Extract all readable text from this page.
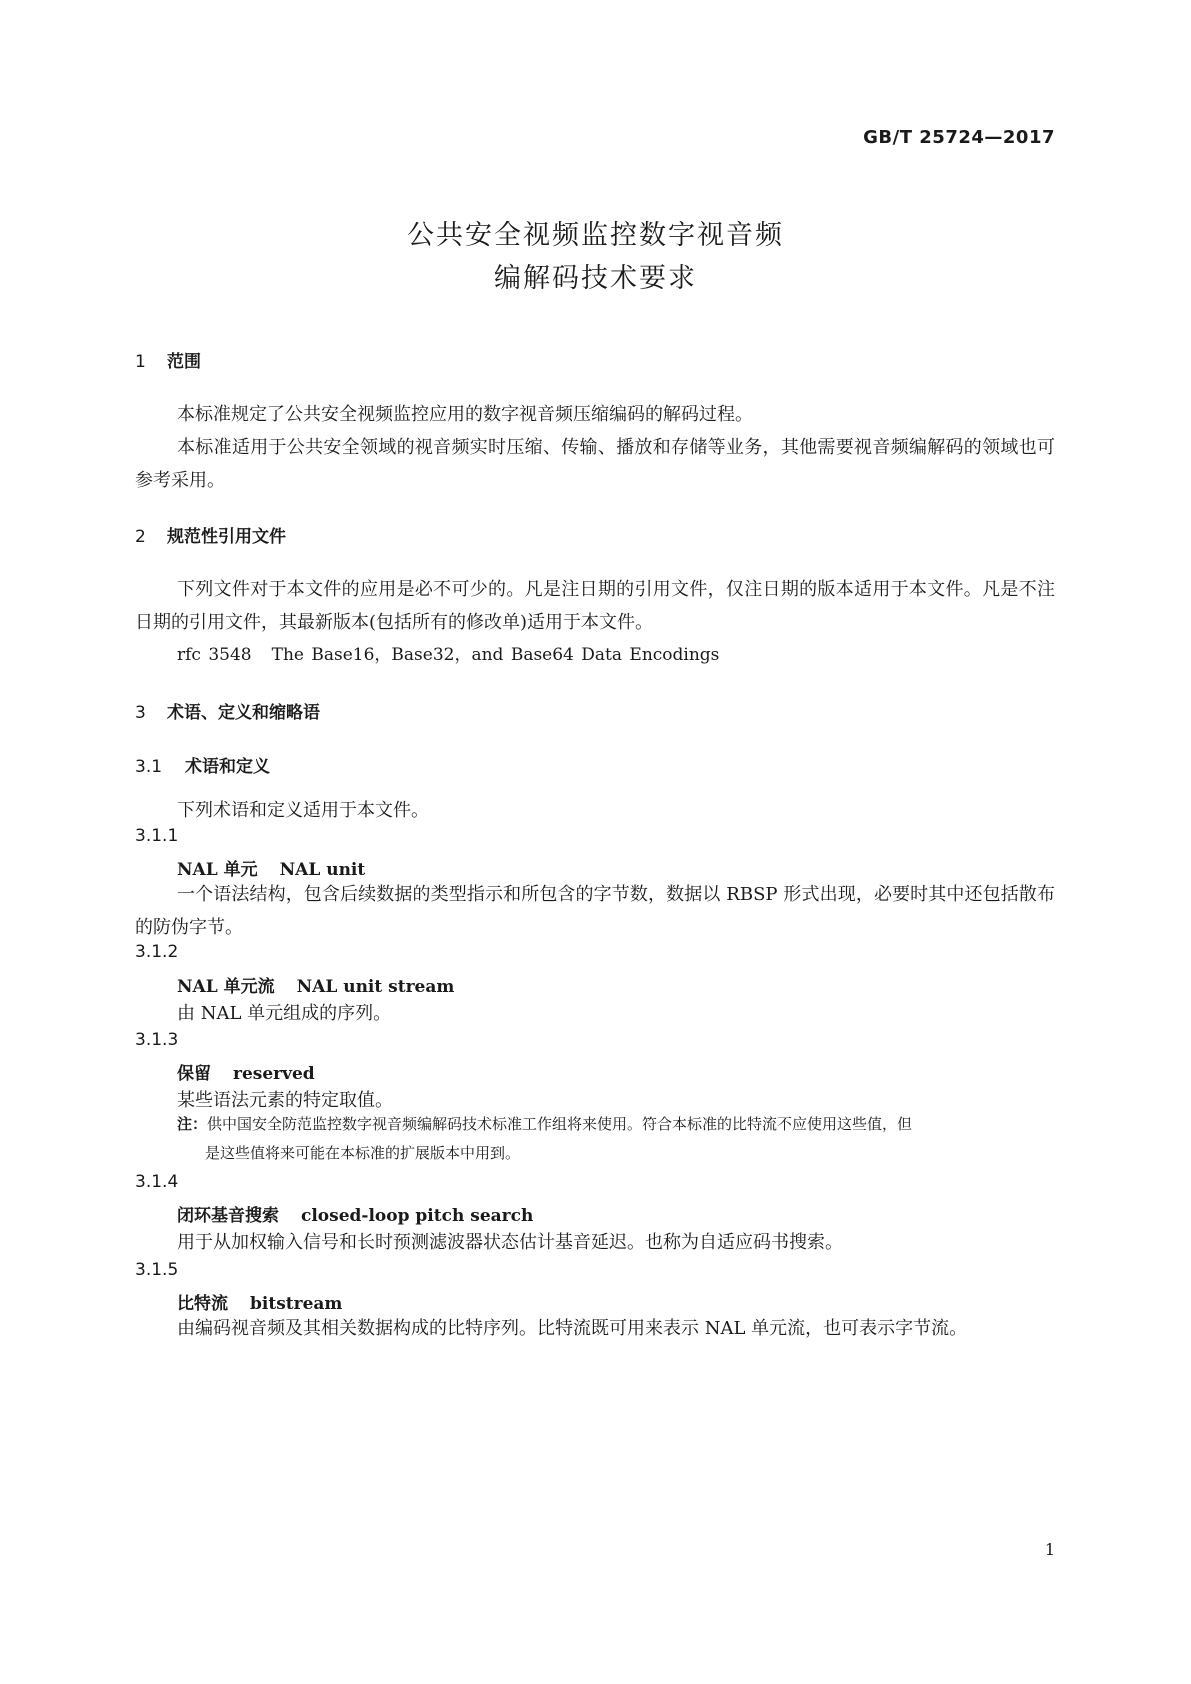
GB/T 25724—2017
公共安全视频监控数字视音频
编解码技术要求
1 范围
本标准规定了公共安全视频监控应用的数字视音频压缩编码的解码过程。
本标准适用于公共安全领域的视音频实时压缩、传输、播放和存储等业务，其他需要视音频编解码的领域也可参考采用。
2 规范性引用文件
下列文件对于本文件的应用是必不可少的。凡是注日期的引用文件，仅注日期的版本适用于本文件。凡是不注日期的引用文件，其最新版本(包括所有的修改单)适用于本文件。
rfc 3548 The Base16，Base32，and Base64 Data Encodings
3 术语、定义和缩略语
3.1 术语和定义
下列术语和定义适用于本文件。
3.1.1
NAL 单元 NAL unit
一个语法结构，包含后续数据的类型指示和所包含的字节数，数据以 RBSP 形式出现，必要时其中还包括散布的防伪字节。
3.1.2
NAL 单元流 NAL unit stream
由 NAL 单元组成的序列。
3.1.3
保留 reserved
某些语法元素的特定取值。
注：供中国安全防范监控数字视音频编解码技术标准工作组将来使用。符合本标准的比特流不应使用这些值，但
是这些值将来可能在本标准的扩展版本中用到。
3.1.4
闭环基音搜索 closed-loop pitch search
用于从加权输入信号和长时预测滤波器状态估计基音延迟。也称为自适应码书搜索。
3.1.5
比特流 bitstream
由编码视音频及其相关数据构成的比特序列。比特流既可用来表示 NAL 单元流，也可表示字节流。
1
